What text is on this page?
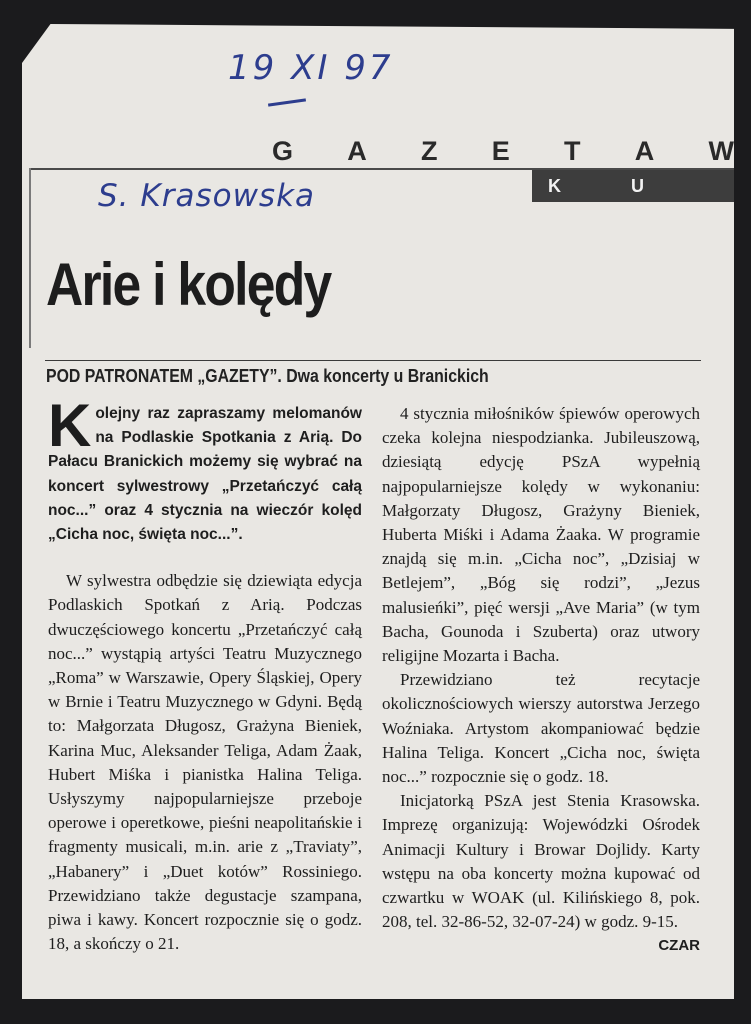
19 XI 97
G A Z E T A W
K	U
S. Krasowska
Arie i kolędy
POD PATRONATEM „GAZETY”. Dwa koncerty u Branickich

Kolejny raz zapraszamy melomanów na Podlaskie Spotkania z Arią. Do Pałacu Branickich możemy się wybrać na koncert sylwestrowy „Przetańczyć całą noc...” oraz 4 stycznia na wieczór kolęd „Cicha noc, święta noc...”.

W sylwestra odbędzie się dziewiąta edycja Podlaskich Spotkań z Arią. Podczas dwuczęściowego koncertu „Przetańczyć całą noc...” wystąpią artyści Teatru Muzycznego „Roma” w Warszawie, Opery Śląskiej, Opery w Brnie i Teatru Muzycznego w Gdyni. Będą to: Małgorzata Długosz, Grażyna Bieniek, Karina Muc, Aleksander Teliga, Adam Żaak, Hubert Miśka i pianistka Halina Teliga. Usłyszymy najpopularniejsze przeboje operowe i operetkowe, pieśni neapolitańskie i fragmenty musicali, m.in. arie z „Traviaty”, „Habanery” i „Duet kotów” Rossiniego. Przewidziano także degustacje szampana, piwa i kawy. Koncert rozpocznie się o godz. 18, a skończy o 21.

4 stycznia miłośników śpiewów operowych czeka kolejna niespodzianka. Jubileuszową, dziesiątą edycję PSzA wypełnią najpopularniejsze kolędy w wykonaniu: Małgorzaty Długosz, Grażyny Bieniek, Huberta Miśki i Adama Żaaka. W programie znajdą się m.in. „Cicha noc”, „Dzisiaj w Betlejem”, „Bóg się rodzi”, „Jezus malusieńki”, pięć wersji „Ave Maria” (w tym Bacha, Gounoda i Szuberta) oraz utwory religijne Mozarta i Bacha.

Przewidziano też recytacje okolicznościowych wierszy autorstwa Jerzego Woźniaka. Artystom akompaniować będzie Halina Teliga. Koncert „Cicha noc, święta noc...” rozpocznie się o godz. 18.

Inicjatorką PSzA jest Stenia Krasowska. Imprezę organizują: Wojewódzki Ośrodek Animacji Kultury i Browar Dojlidy. Karty wstępu na oba koncerty można kupować od czwartku w WOAK (ul. Kilińskiego 8, pok. 208, tel. 32-86-52, 32-07-24) w godz. 9-15.
CZAR
